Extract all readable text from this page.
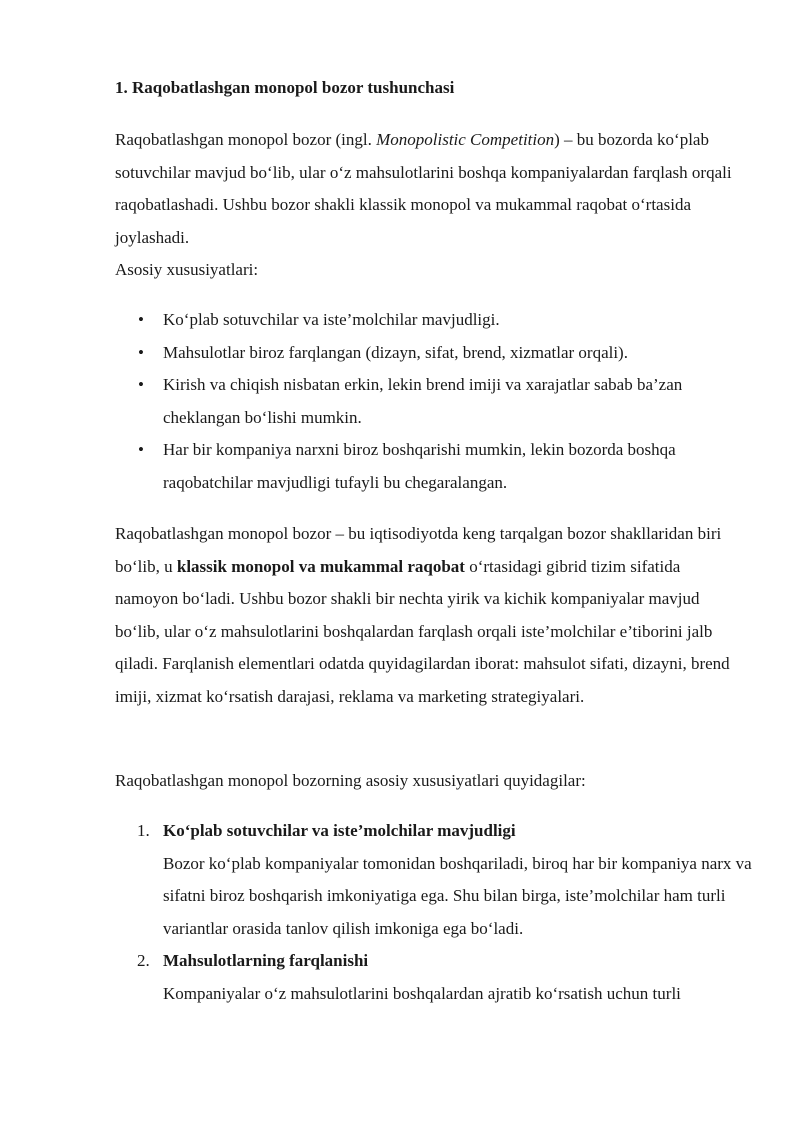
1. Raqobatlashgan monopol bozor tushunchasi

Raqobatlashgan monopol bozor (ingl. Monopolistic Competition) – bu bozorda ko‘plab sotuvchilar mavjud bo‘lib, ular o‘z mahsulotlarini boshqa kompaniyalardan farqlash orqali raqobatlashadi. Ushbu bozor shakli klassik monopol va mukammal raqobat o‘rtasida joylashadi.
Asosiy xususiyatlari:

• Ko‘plab sotuvchilar va iste’molchilar mavjudligi.
• Mahsulotlar biroz farqlangan (dizayn, sifat, brend, xizmatlar orqali).
• Kirish va chiqish nisbatan erkin, lekin brend imiji va xarajatlar sabab ba’zan cheklangan bo‘lishi mumkin.
• Har bir kompaniya narxni biroz boshqarishi mumkin, lekin bozorda boshqa raqobatchilar mavjudligi tufayli bu chegaralangan.

Raqobatlashgan monopol bozor – bu iqtisodiyotda keng tarqalgan bozor shakllaridan biri bo‘lib, u klassik monopol va mukammal raqobat o‘rtasidagi gibrid tizim sifatida namoyon bo‘ladi. Ushbu bozor shakli bir nechta yirik va kichik kompaniyalar mavjud bo‘lib, ular o‘z mahsulotlarini boshqalardan farqlash orqali iste’molchilar e’tiborini jalb qiladi. Farqlanish elementlari odatda quyidagilardan iborat: mahsulot sifati, dizayni, brend imiji, xizmat ko‘rsatish darajasi, reklama va marketing strategiyalari.

Raqobatlashgan monopol bozorning asosiy xususiyatlari quyidagilar:

1. Ko‘plab sotuvchilar va iste’molchilar mavjudligi
Bozor ko‘plab kompaniyalar tomonidan boshqariladi, biroq har bir kompaniya narx va sifatni biroz boshqarish imkoniyatiga ega. Shu bilan birga, iste’molchilar ham turli variantlar orasida tanlov qilish imkoniga ega bo‘ladi.
2. Mahsulotlarning farqlanishi
Kompaniyalar o‘z mahsulotlarini boshqalardan ajratib ko‘rsatish uchun turli
